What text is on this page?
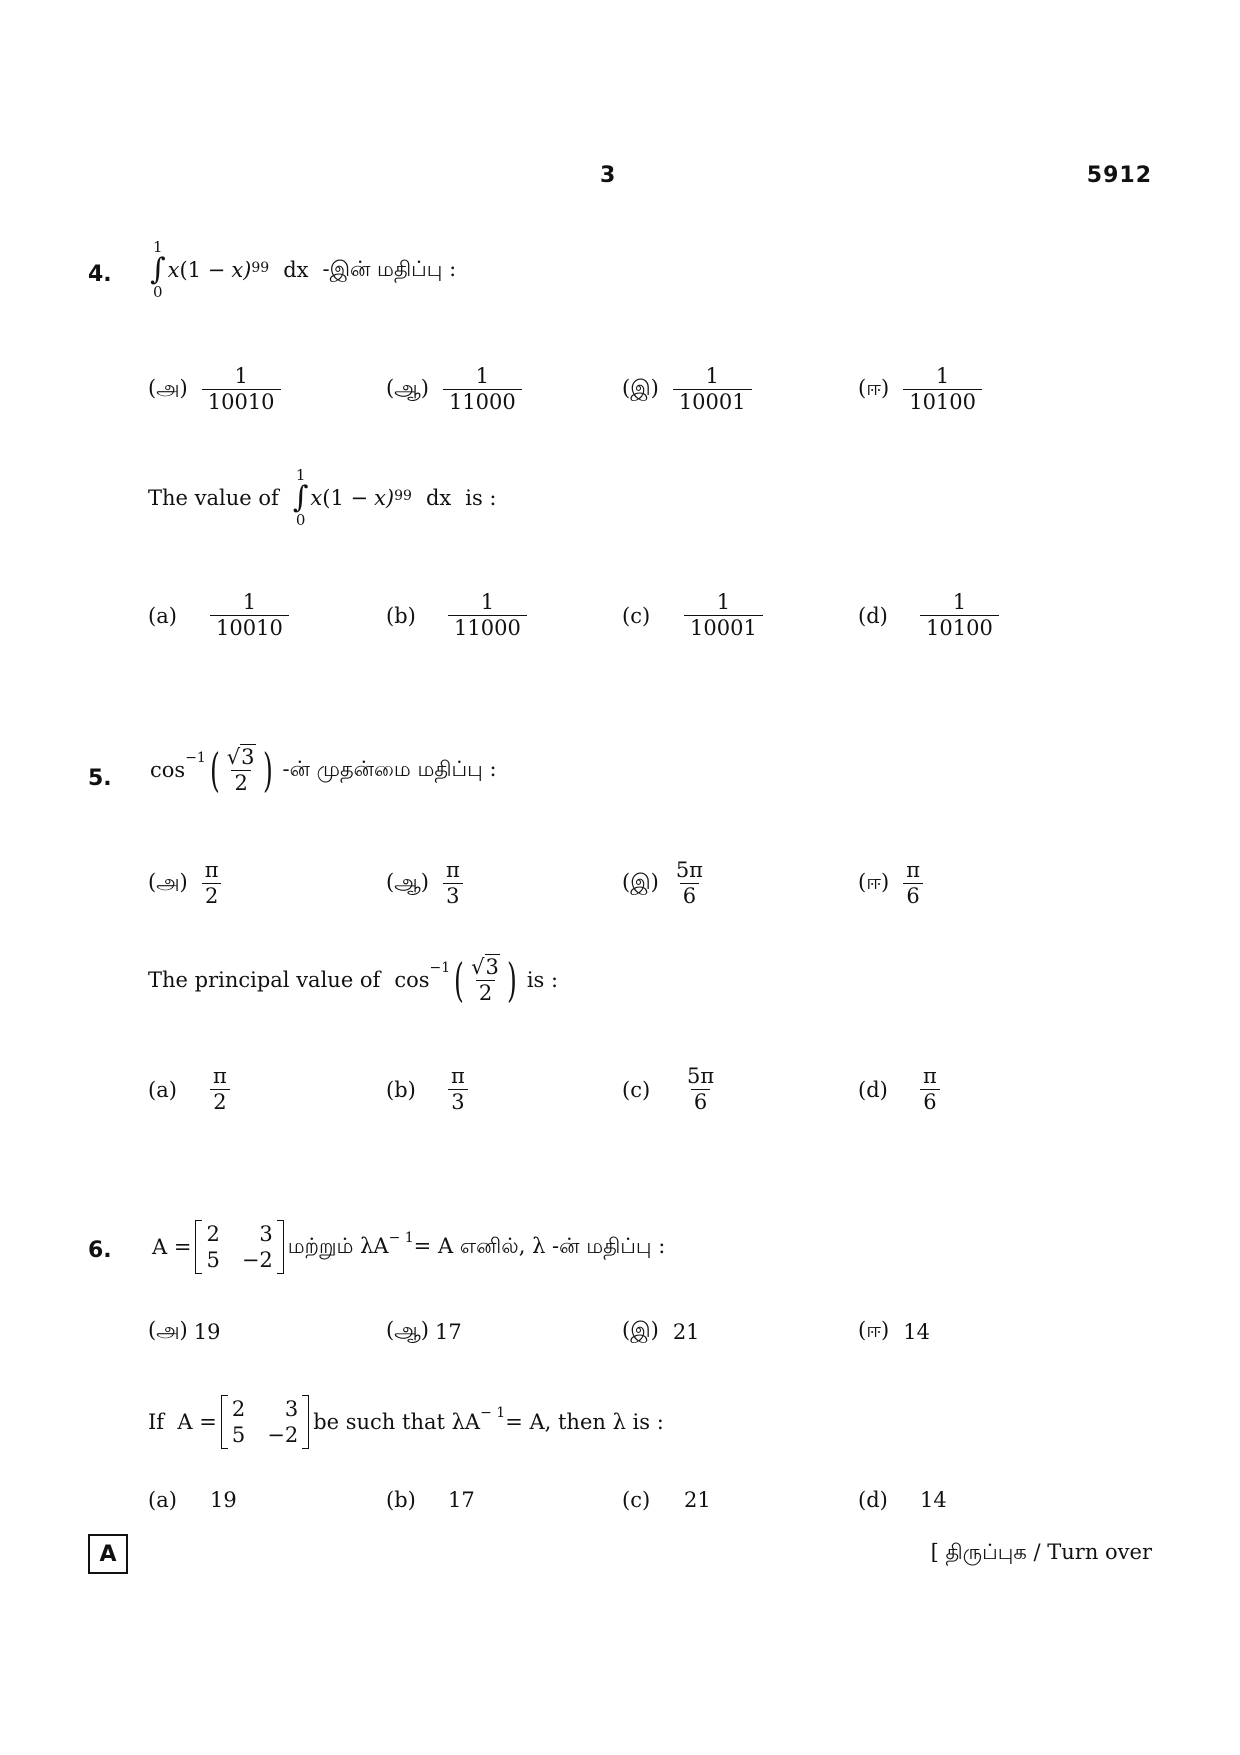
3	5912
4.
1
∫
0
x $(1 - x)^{99}$ dx -இன் மதிப்பு :
(அ) $\frac{1}{10010}$	(ஆ) $\frac{1}{11000}$	(இ) $\frac{1}{10001}$	(ஈ) $\frac{1}{10100}$
The value of
1
∫
0
x $(1 - x)^{99}$ dx is :
(a)	$\frac{1}{10010}$	(b)	$\frac{1}{11000}$	(c)	$\frac{1}{10001}$	(d)	$\frac{1}{10100}$
5. $\cos^{-1}$ ( $\frac{√ 3}{2}$ ) -ன் முதன்மை மதிப்பு :
(அ) $\frac{\pi}{2}$	(ஆ) $\frac{\pi}{3}$	(இ) $\frac{5\pi}{6}$	(ஈ) $\frac{\pi}{6}$
The principal value of $\cos^{-1}$ ( $\frac{√ 3}{2}$ ) is :
(a)	$\frac{\pi}{2}$	(b)	$\frac{\pi}{3}$	(c)	$\frac{5\pi}{6}$	(d)	$\frac{\pi}{6}$
6. A =
2	3
5 −2
மற்றும் $\lambda A^{- 1} = A$ எனில், λ -ன் மதிப்பு :
(அ) 19	(ஆ) 17	(இ) 21	(ஈ) 14
If  A =
2	3
5 −2
be such that $\lambda A^{- 1} = A$, then λ is :
(a)	19	(b)	17	(c)	21	(d)	14
A	[ திருப்புக / Turn over
